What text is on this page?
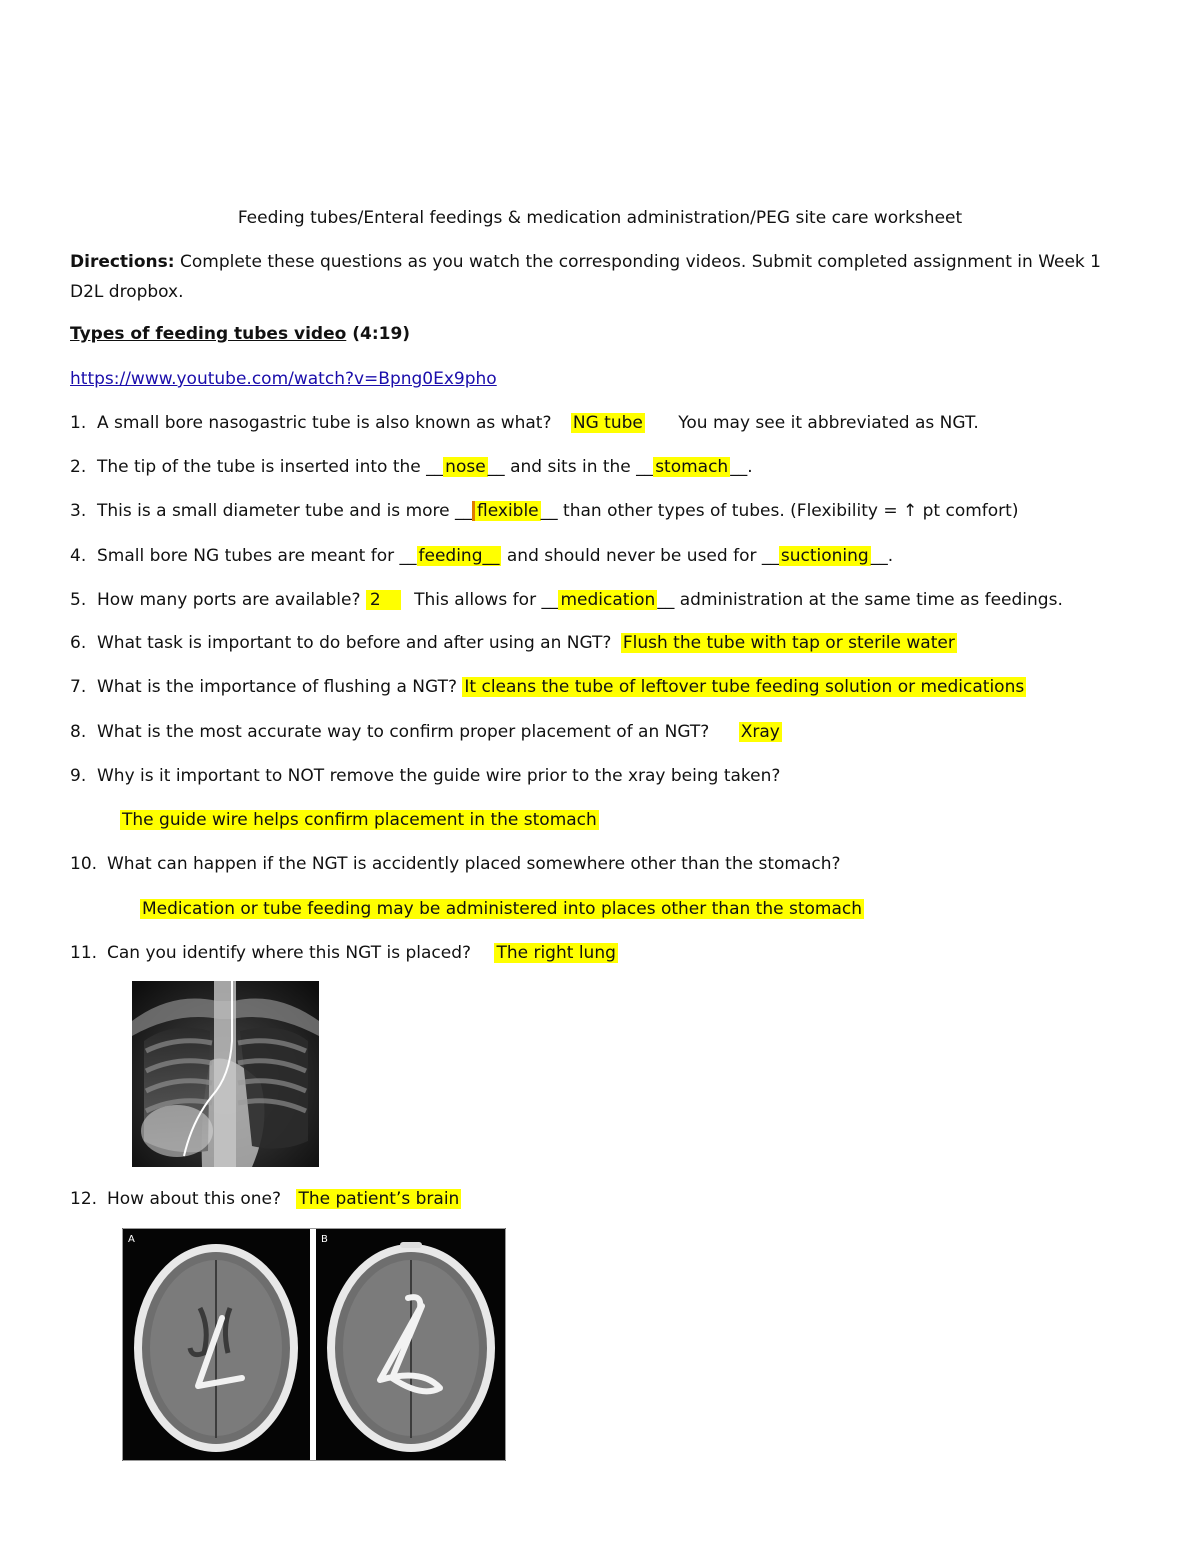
Feeding tubes/Enteral feedings & medication administration/PEG site care worksheet
Directions: Complete these questions as you watch the corresponding videos. Submit completed assignment in Week 1
D2L dropbox.
Types of feeding tubes video (4:19)
https://www.youtube.com/watch?v=Bpng0Ex9pho
1. A small bore nasogastric tube is also known as what? NG tube You may see it abbreviated as NGT.
2. The tip of the tube is inserted into the __ nose __ and sits in the __ stomach __.
3. This is a small diameter tube and is more __ flexible __ than other types of tubes. (Flexibility = ↑ pt comfort)
4. Small bore NG tubes are meant for __ feeding__ and should never be used for __ suctioning __.
5. How many ports are available? 2 This allows for __ medication __ administration at the same time as feedings.
6. What task is important to do before and after using an NGT? Flush the tube with tap or sterile water
7. What is the importance of flushing a NGT? It cleans the tube of leftover tube feeding solution or medications
8. What is the most accurate way to confirm proper placement of an NGT? Xray
9. Why is it important to NOT remove the guide wire prior to the xray being taken?
The guide wire helps confirm placement in the stomach
10. What can happen if the NGT is accidently placed somewhere other than the stomach?
Medication or tube feeding may be administered into places other than the stomach
11. Can you identify where this NGT is placed? The right lung
12. How about this one? The patient’s brain
A	B
